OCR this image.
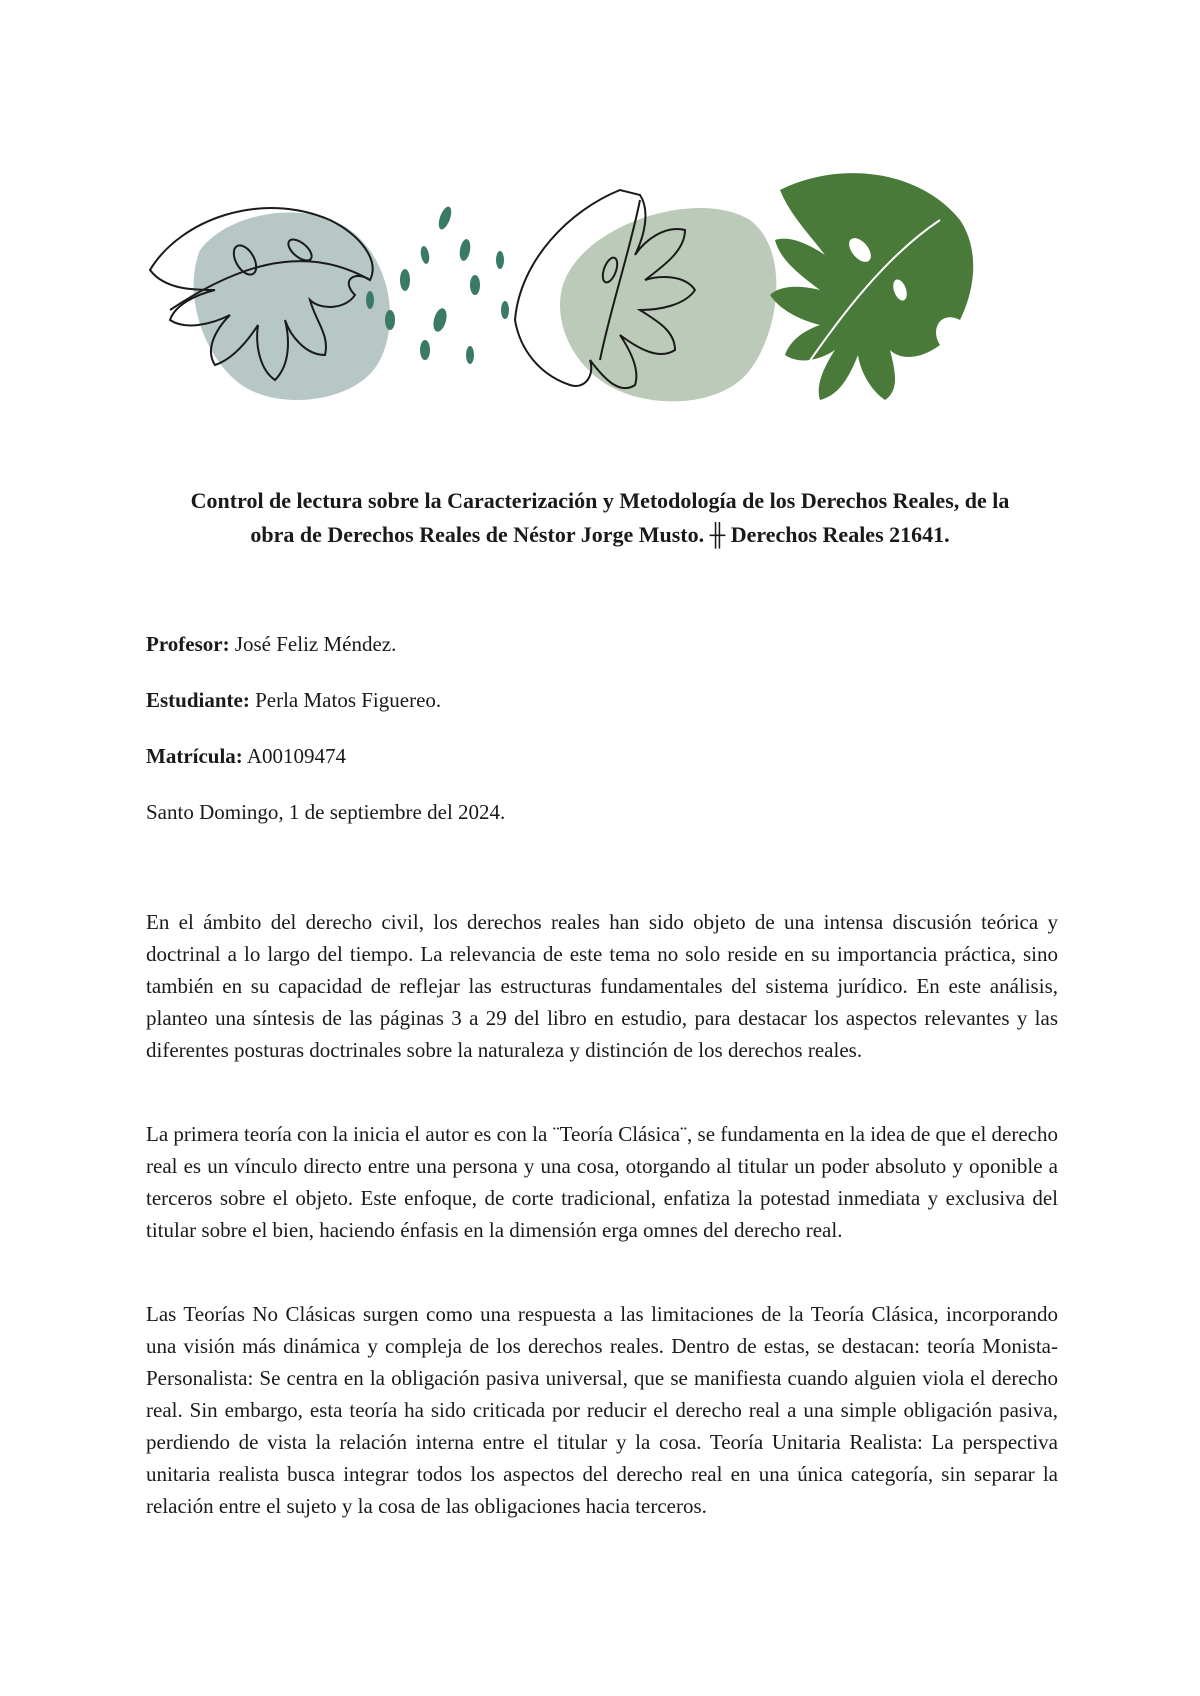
Control de lectura sobre la Caracterización y Metodología de los Derechos Reales, de la
obra de Derechos Reales de Néstor Jorge Musto. ╫ Derechos Reales 21641.

Profesor: José Feliz Méndez.

Estudiante: Perla Matos Figuereo.

Matrícula: A00109474

Santo Domingo, 1 de septiembre del 2024.

En el ámbito del derecho civil, los derechos reales han sido objeto de una intensa discusión teórica y doctrinal a lo largo del tiempo. La relevancia de este tema no solo reside en su importancia práctica, sino también en su capacidad de reflejar las estructuras fundamentales del sistema jurídico. En este análisis, planteo una síntesis de las páginas 3 a 29 del libro en estudio, para destacar los aspectos relevantes y las diferentes posturas doctrinales sobre la naturaleza y distinción de los derechos reales.

La primera teoría con la inicia el autor es con la ¨Teoría Clásica¨, se fundamenta en la idea de que el derecho real es un vínculo directo entre una persona y una cosa, otorgando al titular un poder absoluto y oponible a terceros sobre el objeto. Este enfoque, de corte tradicional, enfatiza la potestad inmediata y exclusiva del titular sobre el bien, haciendo énfasis en la dimensión erga omnes del derecho real.

Las Teorías No Clásicas surgen como una respuesta a las limitaciones de la Teoría Clásica, incorporando una visión más dinámica y compleja de los derechos reales. Dentro de estas, se destacan: teoría Monista-Personalista: Se centra en la obligación pasiva universal, que se manifiesta cuando alguien viola el derecho real. Sin embargo, esta teoría ha sido criticada por reducir el derecho real a una simple obligación pasiva, perdiendo de vista la relación interna entre el titular y la cosa. Teoría Unitaria Realista: La perspectiva unitaria realista busca integrar todos los aspectos del derecho real en una única categoría, sin separar la relación entre el sujeto y la cosa de las obligaciones hacia terceros.
